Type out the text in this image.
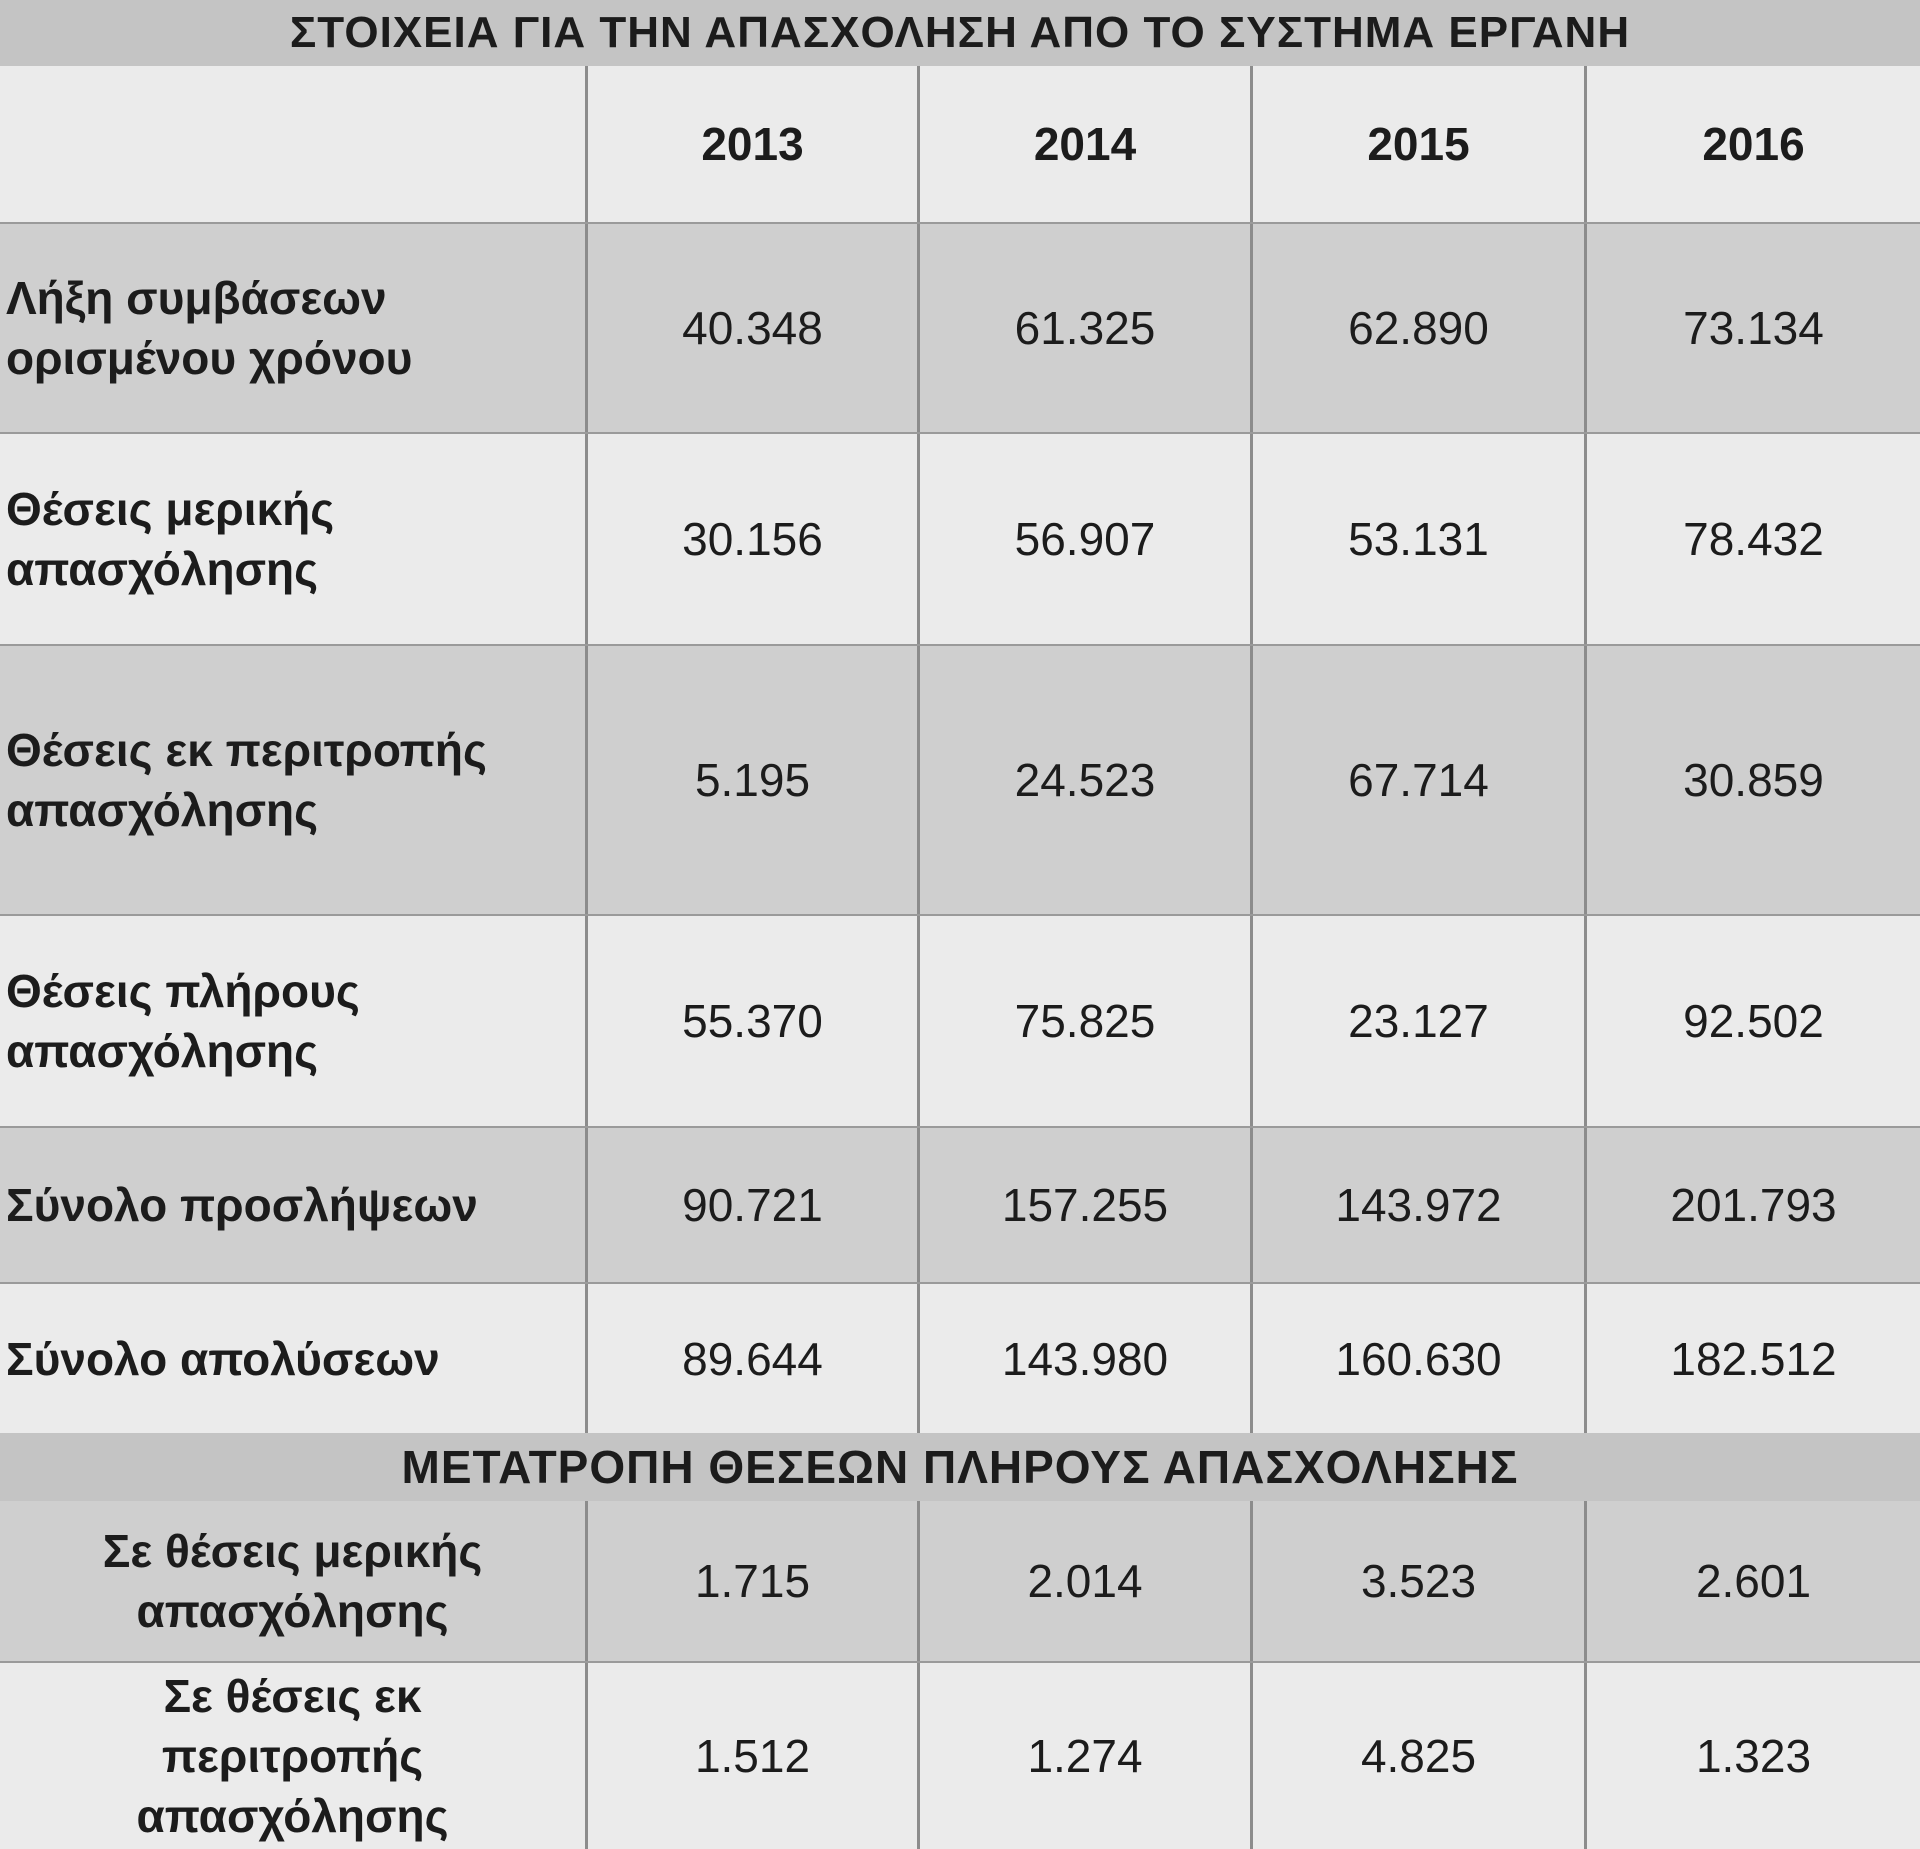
ΣΤΟΙΧΕΙΑ ΓΙΑ ΤΗΝ ΑΠΑΣΧΟΛΗΣΗ ΑΠΟ ΤΟ ΣΥΣΤΗΜΑ ΕΡΓΑΝΗ
2013	2014	2015	2016
Λήξη συμβάσεων
ορισμένου χρόνου
40.348	61.325	62.890	73.134
Θέσεις μερικής
απασχόλησης
30.156	56.907	53.131	78.432
Θέσεις εκ περιτροπής
απασχόλησης
5.195	24.523	67.714	30.859
Θέσεις πλήρους
απασχόλησης
55.370	75.825	23.127	92.502
Σύνολο προσλήψεων	90.721	157.255	143.972	201.793
Σύνολο απολύσεων	89.644	143.980	160.630	182.512
ΜΕΤΑΤΡΟΠΗ ΘΕΣΕΩΝ ΠΛΗΡΟΥΣ ΑΠΑΣΧΟΛΗΣΗΣ
Σε θέσεις μερικής
απασχόλησης
1.715	2.014	3.523	2.601
Σε θέσεις εκ
περιτροπής
απασχόλησης
1.512	1.274	4.825	1.323
